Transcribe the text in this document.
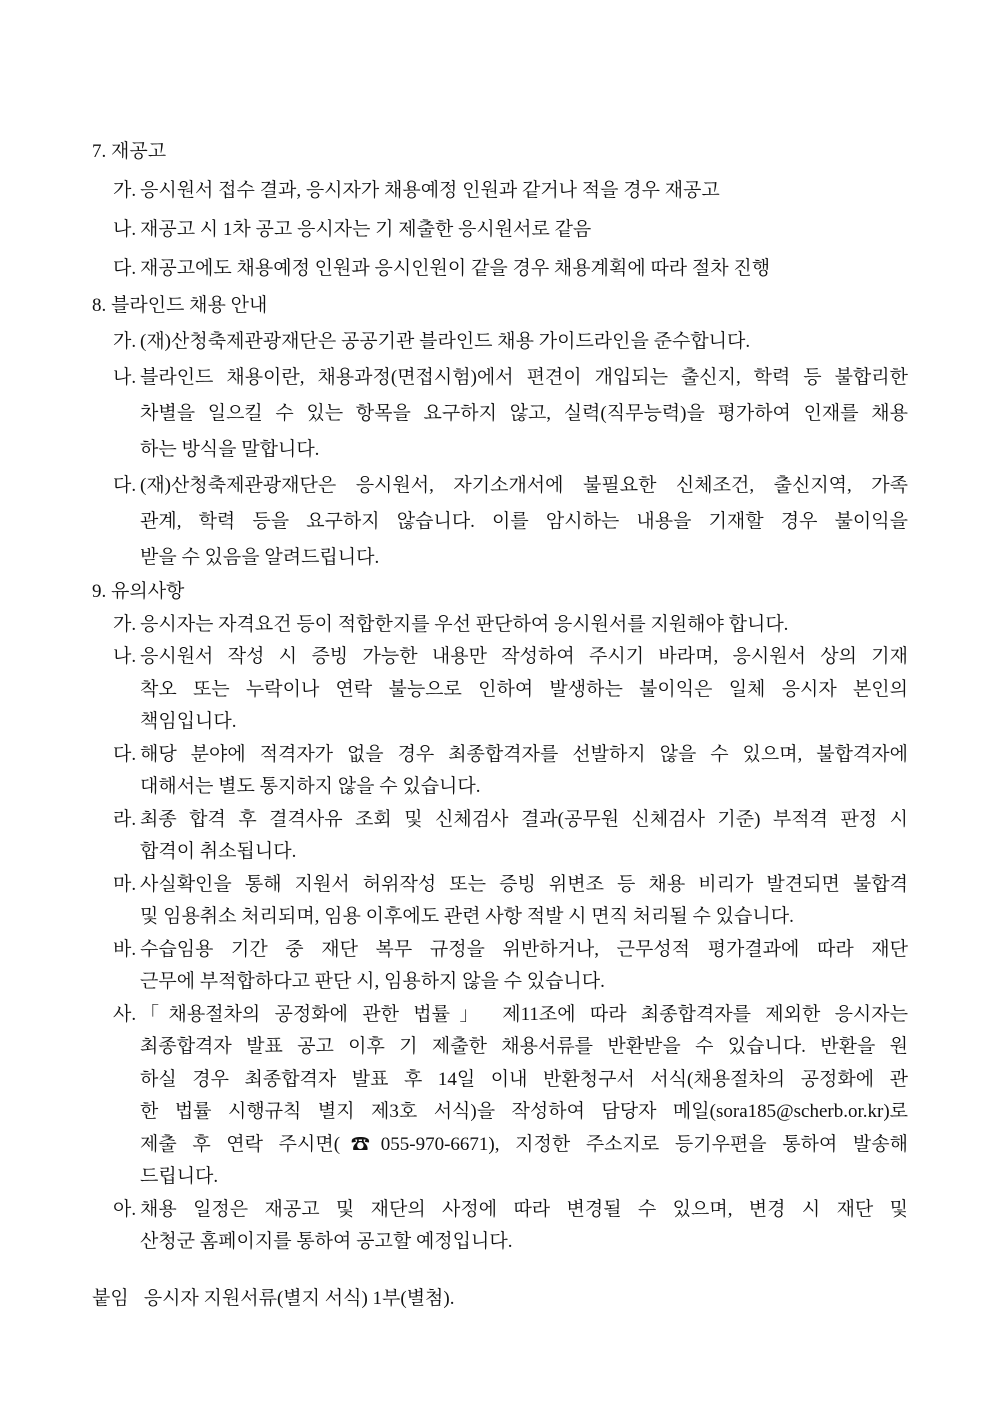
7. 재공고
가. 응시원서 접수 결과, 응시자가 채용예정 인원과 같거나 적을 경우 재공고
나. 재공고 시 1차 공고 응시자는 기 제출한 응시원서로 같음
다. 재공고에도 채용예정 인원과 응시인원이 같을 경우 채용계획에 따라 절차 진행
8. 블라인드 채용 안내
가. (재)산청축제관광재단은 공공기관 블라인드 채용 가이드라인을 준수합니다.
나. 블라인드 채용이란, 채용과정(면접시험)에서 편견이 개입되는 출신지, 학력 등 불합리한
차별을 일으킬 수 있는 항목을 요구하지 않고, 실력(직무능력)을 평가하여 인재를 채용
하는 방식을 말합니다.
다. (재)산청축제관광재단은 응시원서, 자기소개서에 불필요한 신체조건, 출신지역, 가족
관계, 학력 등을 요구하지 않습니다. 이를 암시하는 내용을 기재할 경우 불이익을
받을 수 있음을 알려드립니다.
9. 유의사항
가. 응시자는 자격요건 등이 적합한지를 우선 판단하여 응시원서를 지원해야 합니다.
나. 응시원서 작성 시 증빙 가능한 내용만 작성하여 주시기 바라며, 응시원서 상의 기재
착오 또는 누락이나 연락 불능으로 인하여 발생하는 불이익은 일체 응시자 본인의
책임입니다.
다. 해당 분야에 적격자가 없을 경우 최종합격자를 선발하지 않을 수 있으며, 불합격자에
대해서는 별도 통지하지 않을 수 있습니다.
라. 최종 합격 후 결격사유 조회 및 신체검사 결과(공무원 신체검사 기준) 부적격 판정 시
합격이 취소됩니다.
마. 사실확인을 통해 지원서 허위작성 또는 증빙 위변조 등 채용 비리가 발견되면 불합격
및 임용취소 처리되며, 임용 이후에도 관련 사항 적발 시 면직 처리될 수 있습니다.
바. 수습임용 기간 중 재단 복무 규정을 위반하거나, 근무성적 평가결과에 따라 재단
근무에 부적합하다고 판단 시, 임용하지 않을 수 있습니다.
사. 「채용절차의 공정화에 관한 법률」 제11조에 따라 최종합격자를 제외한 응시자는
최종합격자 발표 공고 이후 기 제출한 채용서류를 반환받을 수 있습니다. 반환을 원
하실 경우 최종합격자 발표 후 14일 이내 반환청구서 서식(채용절차의 공정화에 관
한 법률 시행규칙 별지 제3호 서식)을 작성하여 담당자 메일(sora185@scherb.or.kr)로
제출 후 연락 주시면(☎055-970-6671), 지정한 주소지로 등기우편을 통하여 발송해
드립니다.
아. 채용 일정은 재공고 및 재단의 사정에 따라 변경될 수 있으며, 변경 시 재단 및
산청군 홈페이지를 통하여 공고할 예정입니다.
붙임 응시자 지원서류(별지 서식) 1부(별첨).
